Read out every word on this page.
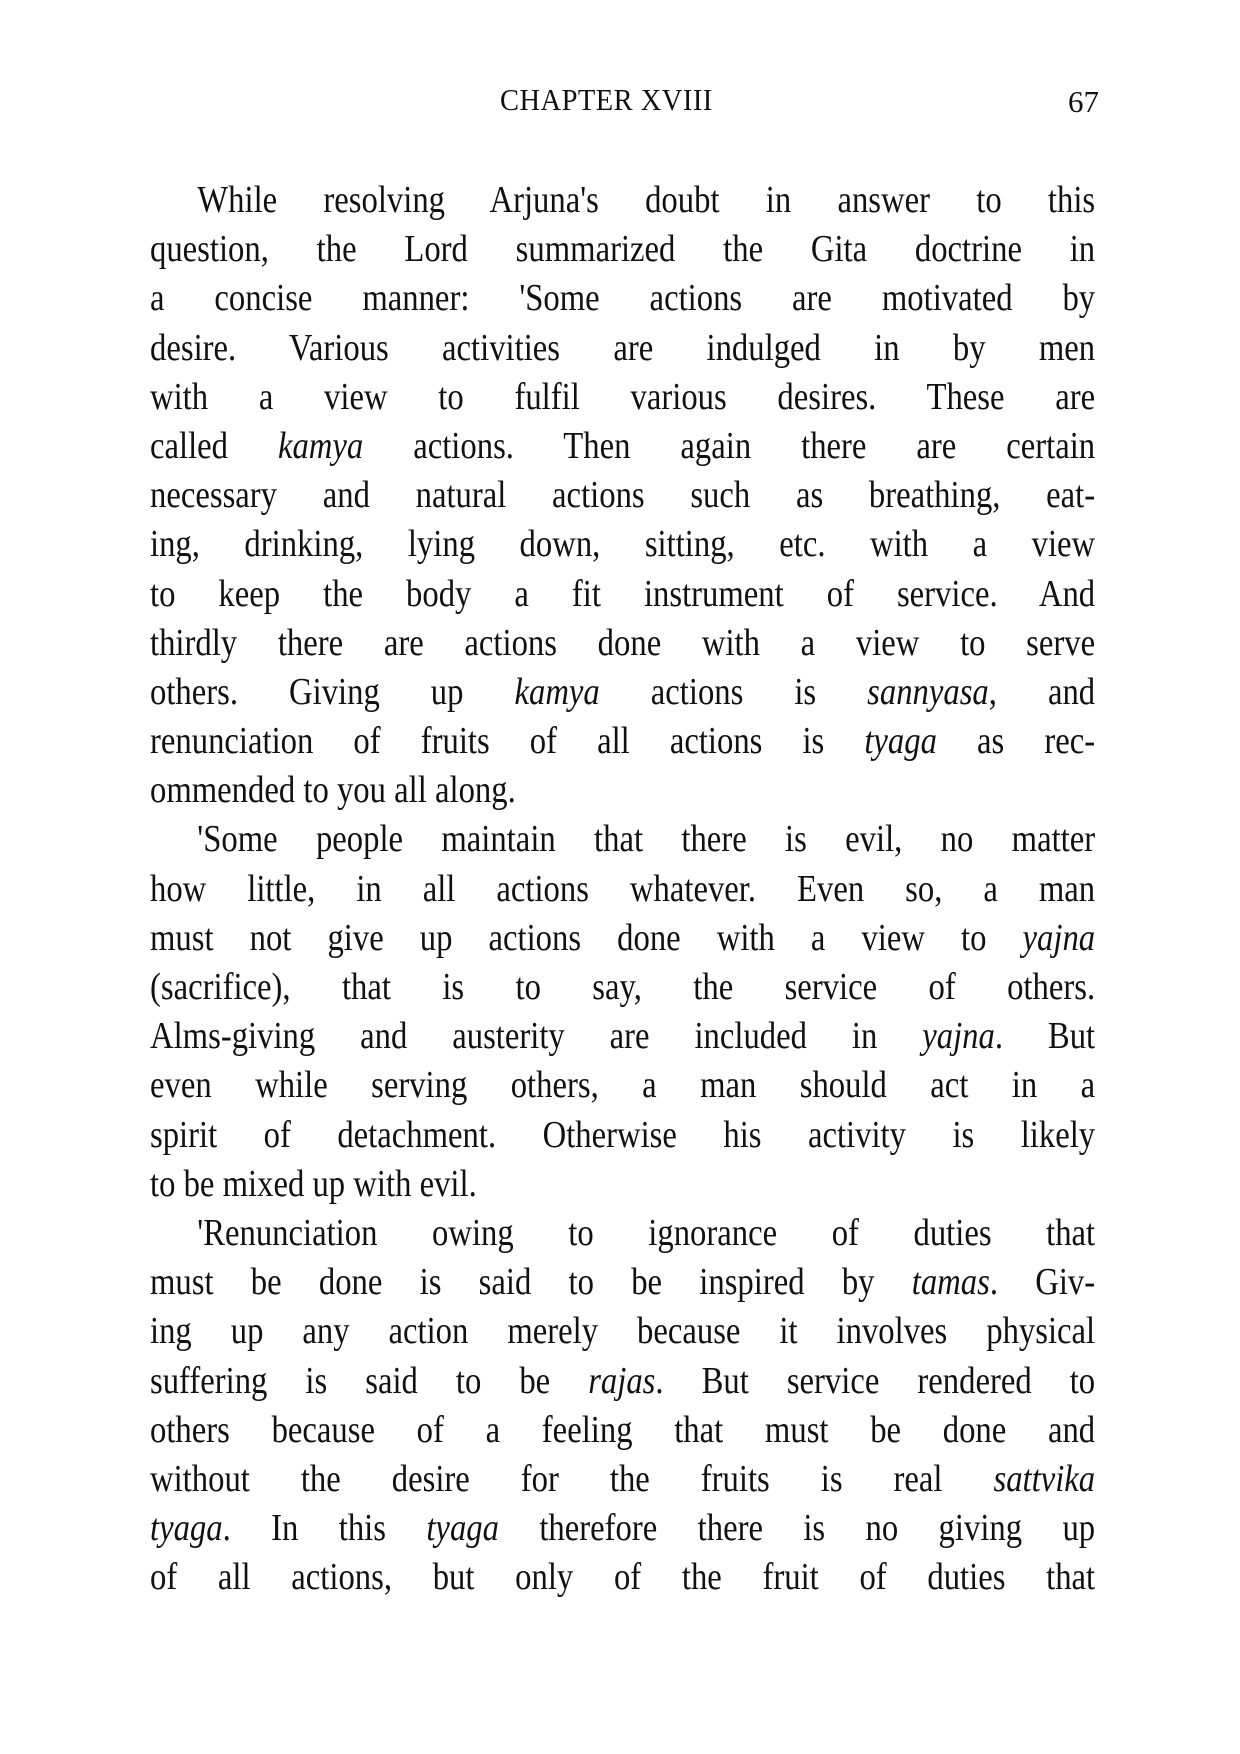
CHAPTER XVIII	67
While resolving Arjuna's doubt in answer to this
question, the Lord summarized the Gita doctrine in
a concise manner: 'Some actions are motivated by
desire. Various activities are indulged in by men
with a view to fulfil various desires. These are
called kamya actions. Then again there are certain
necessary and natural actions such as breathing, eat-
ing, drinking, lying down, sitting, etc. with a view
to keep the body a fit instrument of service. And
thirdly there are actions done with a view to serve
others. Giving up kamya actions is sannyasa, and
renunciation of fruits of all actions is tyaga as rec-
ommended to you all along.
'Some people maintain that there is evil, no matter
how little, in all actions whatever. Even so, a man
must not give up actions done with a view to yajna
(sacrifice), that is to say, the service of others.
Alms-giving and austerity are included in yajna. But
even while serving others, a man should act in a
spirit of detachment. Otherwise his activity is likely
to be mixed up with evil.
'Renunciation owing to ignorance of duties that
must be done is said to be inspired by tamas. Giv-
ing up any action merely because it involves physical
suffering is said to be rajas. But service rendered to
others because of a feeling that must be done and
without the desire for the fruits is real sattvika
tyaga. In this tyaga therefore there is no giving up
of all actions, but only of the fruit of duties that
